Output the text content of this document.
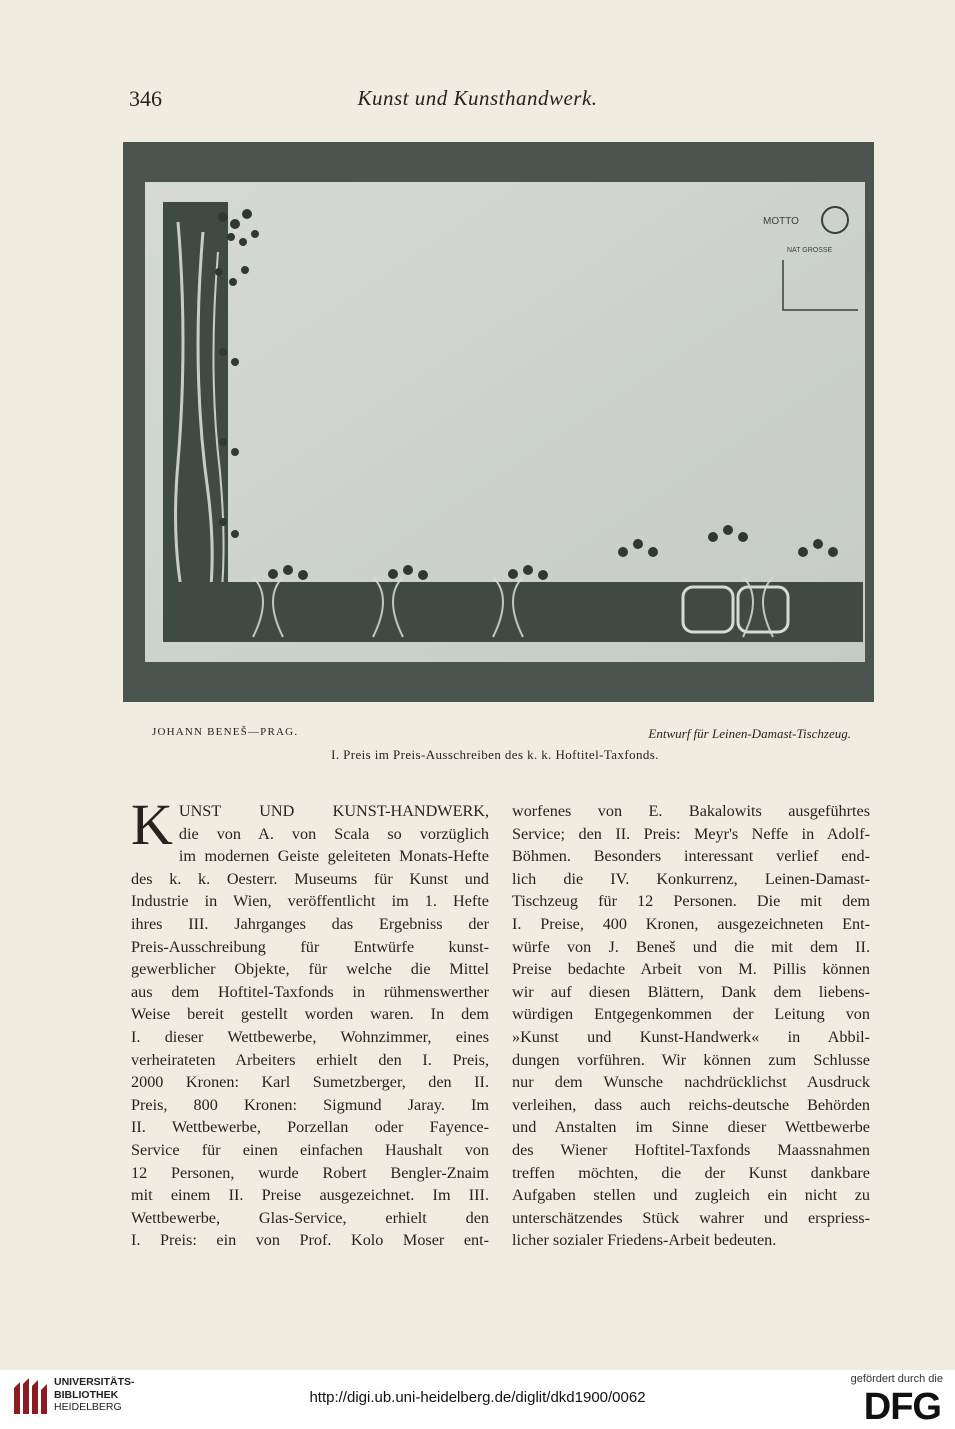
346	Kunst und Kunsthandwerk.
MOTTO
NAT GROSSE
JOHANN BENEŠ—PRAG.	Entwurf für Leinen-Damast-Tischzeug.
I. Preis im Preis-Ausschreiben des k. k. Hoftitel-Taxfonds.
K UNST UND KUNST-HANDWERK,
die von A. von Scala so vorzüglich
im modernen Geiste geleiteten Monats-Hefte
des k. k. Oesterr. Museums für Kunst und
Industrie in Wien, veröffentlicht im 1. Hefte
ihres III. Jahrganges das Ergebniss der
Preis-Ausschreibung für Entwürfe kunst-
gewerblicher Objekte, für welche die Mittel
aus dem Hoftitel-Taxfonds in rühmenswerther
Weise bereit gestellt worden waren. In dem
I. dieser Wettbewerbe, Wohnzimmer, eines
verheirateten Arbeiters erhielt den I. Preis,
2000 Kronen: Karl Sumetzberger, den II.
Preis, 800 Kronen: Sigmund Jaray. Im
II. Wettbewerbe, Porzellan oder Fayence-
Service für einen einfachen Haushalt von
12 Personen, wurde Robert Bengler-Znaim
mit einem II. Preise ausgezeichnet. Im III.
Wettbewerbe, Glas-Service, erhielt den
I. Preis: ein von Prof. Kolo Moser ent-
worfenes von E. Bakalowits ausgeführtes
Service; den II. Preis: Meyr's Neffe in Adolf-
Böhmen. Besonders interessant verlief end-
lich die IV. Konkurrenz, Leinen-Damast-
Tischzeug für 12 Personen. Die mit dem
I. Preise, 400 Kronen, ausgezeichneten Ent-
würfe von J. Beneš und die mit dem II.
Preise bedachte Arbeit von M. Pillis können
wir auf diesen Blättern, Dank dem liebens-
würdigen Entgegenkommen der Leitung von
»Kunst und Kunst-Handwerk« in Abbil-
dungen vorführen. Wir können zum Schlusse
nur dem Wunsche nachdrücklichst Ausdruck
verleihen, dass auch reichs-deutsche Behörden
und Anstalten im Sinne dieser Wettbewerbe
des Wiener Hoftitel-Taxfonds Maassnahmen
treffen möchten, die der Kunst dankbare
Aufgaben stellen und zugleich ein nicht zu
unterschätzendes Stück wahrer und erspriess-
licher sozialer Friedens-Arbeit bedeuten.
UNIVERSITÄTS-
BIBLIOTHEK
HEIDELBERG
http://digi.ub.uni-heidelberg.de/diglit/dkd1900/0062
gefördert durch die
DFG
